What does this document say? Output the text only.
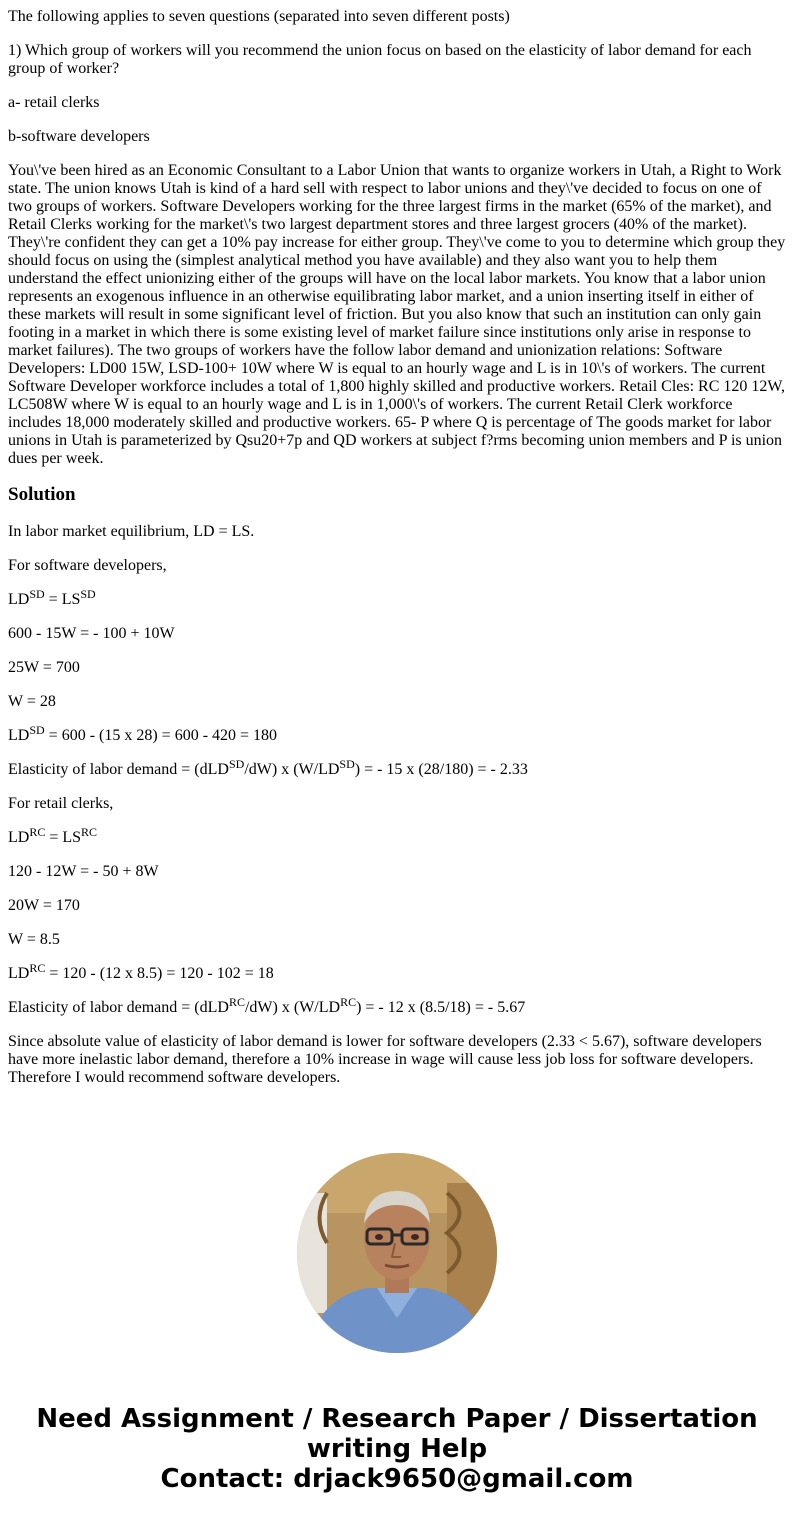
The following applies to seven questions (separated into seven different posts)

1) Which group of workers will you recommend the union focus on based on the elasticity of labor demand for each group of worker?

a- retail clerks

b-software developers

You\'ve been hired as an Economic Consultant to a Labor Union that wants to organize workers in Utah, a Right to Work state. The union knows Utah is kind of a hard sell with respect to labor unions and they\'ve decided to focus on one of two groups of workers. Software Developers working for the three largest firms in the market (65% of the market), and Retail Clerks working for the market\'s two largest department stores and three largest grocers (40% of the market). They\'re confident they can get a 10% pay increase for either group. They\'ve come to you to determine which group they should focus on using the (simplest analytical method you have available) and they also want you to help them understand the effect unionizing either of the groups will have on the local labor markets. You know that a labor union represents an exogenous influence in an otherwise equilibrating labor market, and a union inserting itself in either of these markets will result in some significant level of friction. But you also know that such an institution can only gain footing in a market in which there is some existing level of market failure since institutions only arise in response to market failures). The two groups of workers have the follow labor demand and unionization relations: Software Developers: LD00 15W, LSD-100+ 10W where W is equal to an hourly wage and L is in 10\'s of workers. The current Software Developer workforce includes a total of 1,800 highly skilled and productive workers. Retail Cles: RC 120 12W, LC508W where W is equal to an hourly wage and L is in 1,000\'s of workers. The current Retail Clerk workforce includes 18,000 moderately skilled and productive workers. 65- P where Q is percentage of The goods market for labor unions in Utah is parameterized by Qsu20+7p and QD workers at subject f?rms becoming union members and P is union dues per week.

Solution

In labor market equilibrium, LD = LS.

For software developers,

$LD^{SD} = LS^{SD}$

600 - 15W = - 100 + 10W

25W = 700

W = 28

$LD^{SD} = 600 - (15$ x 28) = 600 - 420 = 180

Elasticity of labor demand = (dLD$^{SD}$/dW) x $(W/LD^{SD})$ = - 15 x (28/180) = - 2.33

For retail clerks,

$LD^{RC} = LS^{RC}$

120 - 12W = - 50 + 8W

20W = 170

W = 8.5

$LD^{RC} = 120 - (12$ x 8.5) = 120 - 102 = 18

Elasticity of labor demand = (dLD$^{RC}$/dW) x $(W/LD^{RC})$ = - 12 x (8.5/18) = - 5.67

Since absolute value of elasticity of labor demand is lower for software developers (2.33 < 5.67), software developers have more inelastic labor demand, therefore a 10% increase in wage will cause less job loss for software developers. Therefore I would recommend software developers.

Need Assignment / Research Paper / Dissertation
writing Help
Contact: drjack9650@gmail.com
